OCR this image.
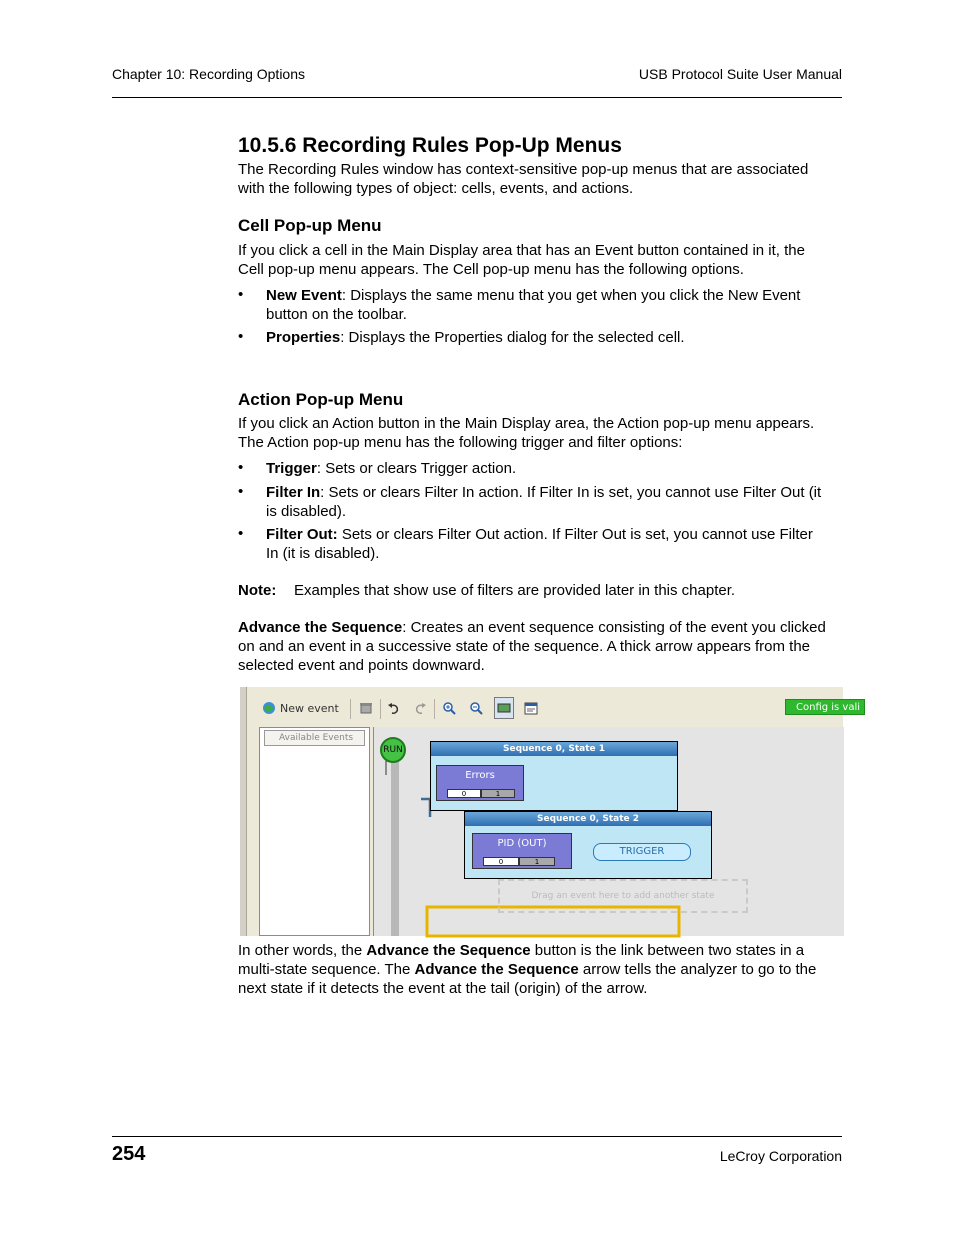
Chapter 10: Recording Options	USB Protocol Suite User Manual
10.5.6 Recording Rules Pop-Up Menus
The Recording Rules window has context-sensitive pop-up menus that are associated
with the following types of object: cells, events, and actions.
Cell Pop-up Menu
If you click a cell in the Main Display area that has an Event button contained in it, the
Cell pop-up menu appears. The Cell pop-up menu has the following options.
• New Event: Displays the same menu that you get when you click the New Event
button on the toolbar.
• Properties: Displays the Properties dialog for the selected cell.
Action Pop-up Menu
If you click an Action button in the Main Display area, the Action pop-up menu appears.
The Action pop-up menu has the following trigger and filter options:
• Trigger: Sets or clears Trigger action.
• Filter In: Sets or clears Filter In action. If Filter In is set, you cannot use Filter Out (it
is disabled).
• Filter Out: Sets or clears Filter Out action. If Filter Out is set, you cannot use Filter
In (it is disabled).
Note: Examples that show use of filters are provided later in this chapter.
Advance the Sequence: Creates an event sequence consisting of the event you clicked
on and an event in a successive state of the sequence. A thick arrow appears from the
selected event and points downward.
New event	Config is vali
Available Events
RUN	Sequence 0, State 1
Errors
0	1
Sequence 0, State 2
PID (OUT)
0	1
TRIGGER
Drag an event here to add another state
In other words, the Advance the Sequence button is the link between two states in a
multi-state sequence. The Advance the Sequence arrow tells the analyzer to go to the
next state if it detects the event at the tail (origin) of the arrow.
254	LeCroy Corporation
